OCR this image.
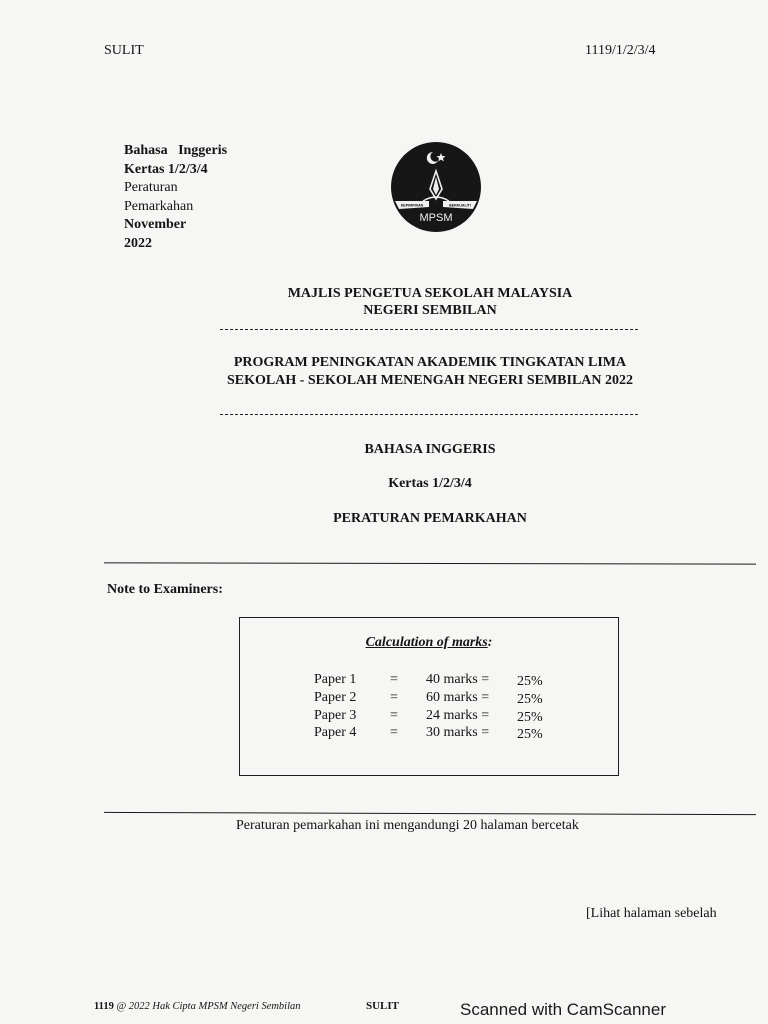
SULIT	1119/1/2/3/4
Bahasa   Inggeris
Kertas 1/2/3/4
Peraturan
Pemarkahan
November
2022
KEPIMPINAN	BERKUALITI
MPSM
MAJLIS PENGETUA SEKOLAH MALAYSIA
NEGERI SEMBILAN
PROGRAM PENINGKATAN AKADEMIK TINGKATAN LIMA
SEKOLAH - SEKOLAH MENENGAH NEGERI SEMBILAN 2022
BAHASA INGGERIS
Kertas 1/2/3/4
PERATURAN PEMARKAHAN
Note to Examiners:
Calculation of marks:
Paper 1 = 40 marks = 25%
Paper 2 = 60 marks = 25%
Paper 3 = 24 marks = 25%
Paper 4 = 30 marks = 25%
Peraturan pemarkahan ini mengandungi 20 halaman bercetak
[Lihat halaman sebelah
1119 @ 2022 Hak Cipta MPSM Negeri Sembilan	SULIT	Scanned with CamScanner
